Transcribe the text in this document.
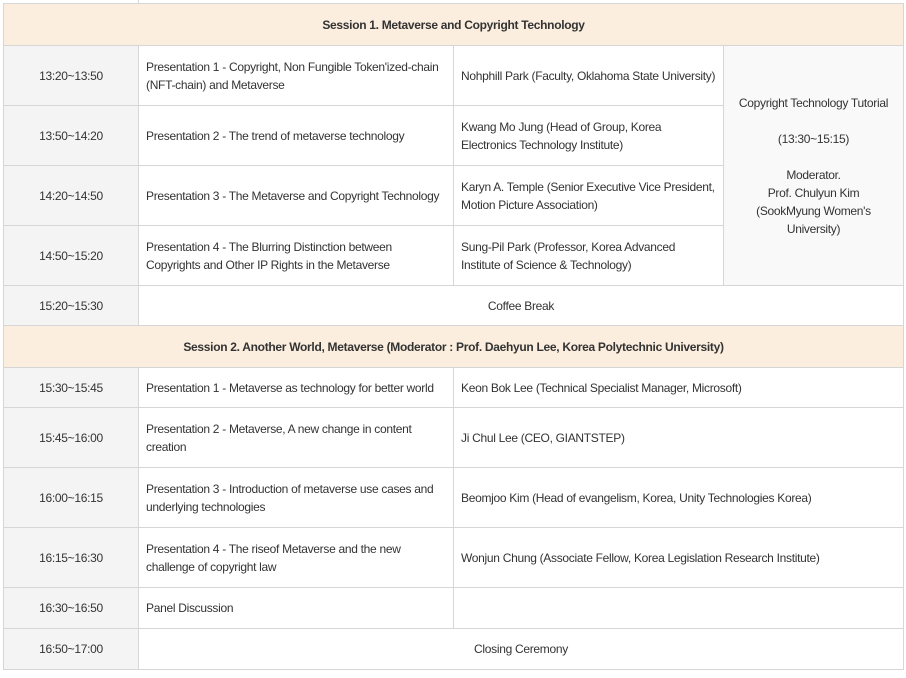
Session 1. Metaverse and Copyright Technology			
13:20~13:50	Presentation 1 - Copyright, Non Fungible Token'ized-chain (NFT-chain) and Metaverse	Nohphill Park (Faculty, Oklahoma State University)	Copyright Technology Tutorial

(13:30~15:15)

Moderator.

Prof. Chulyun Kim

(SookMyung Women's University)

13:50~14:20	Presentation 2 - The trend of metaverse technology	Kwang Mo Jung (Head of Group, Korea Electronics Technology Institute)	
14:20~14:50	Presentation 3 - The Metaverse and Copyright Technology	Karyn A. Temple (Senior Executive Vice President, Motion Picture Association)	
14:50~15:20	Presentation 4 - The Blurring Distinction between Copyrights and Other IP Rights in the Metaverse	Sung-Pil Park (Professor, Korea Advanced Institute of Science & Technology)	
15:20~15:30	Coffee Break		
Session 2. Another World, Metaverse (Moderator : Prof. Daehyun Lee, Korea Polytechnic University)			
15:30~15:45	Presentation 1 - Metaverse as technology for better world	Keon Bok Lee (Technical Specialist Manager, Microsoft)	
15:45~16:00	Presentation 2 - Metaverse, A new change in content creation	Ji Chul Lee (CEO, GIANTSTEP)	
16:00~16:15	Presentation 3 - Introduction of metaverse use cases and underlying technologies	Beomjoo Kim (Head of evangelism, Korea, Unity Technologies Korea)	
16:15~16:30	Presentation 4 - The riseof Metaverse and the new challenge of copyright law	Wonjun Chung (Associate Fellow, Korea Legislation Research Institute)	
16:30~16:50	Panel Discussion		
16:50~17:00	Closing Ceremony		
